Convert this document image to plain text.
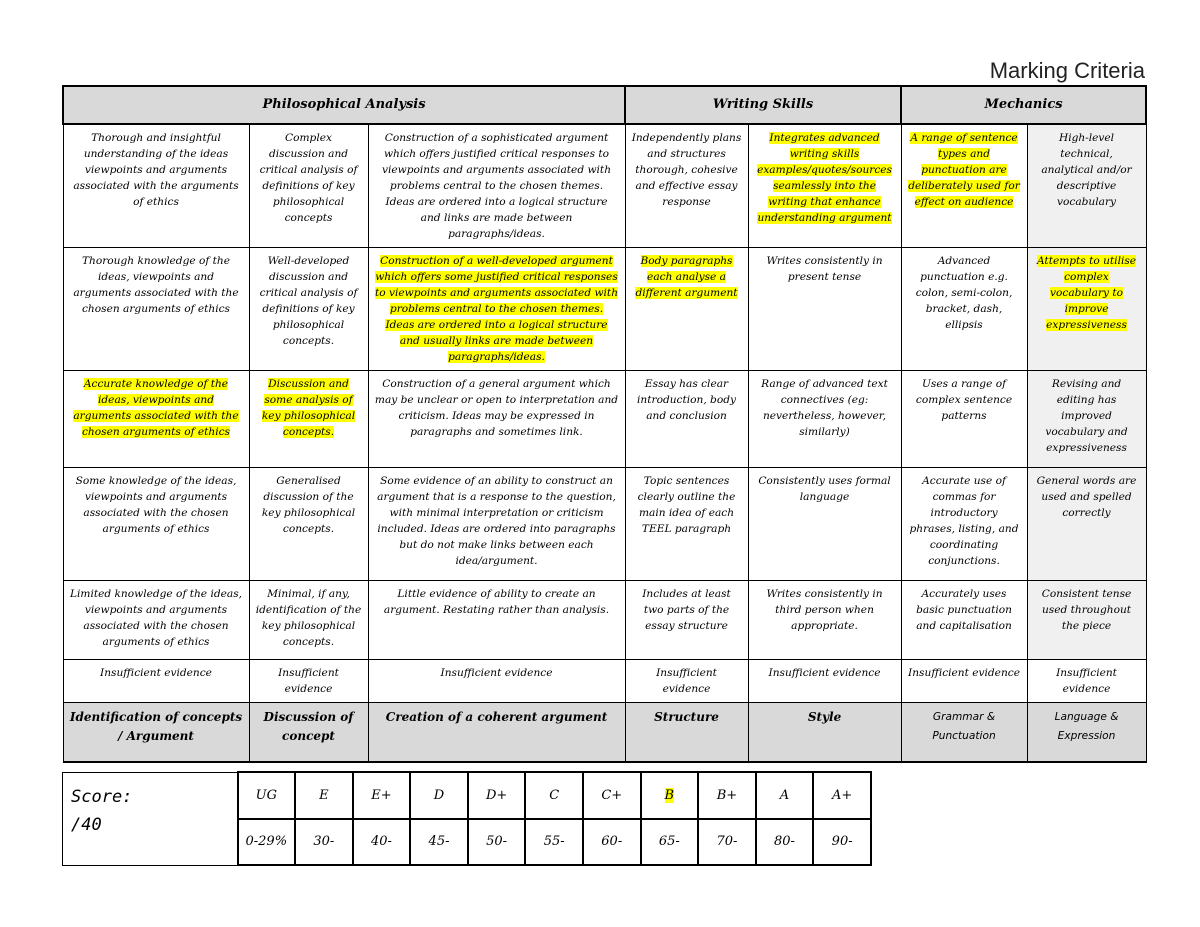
Marking Criteria
Philosophical Analysis			Writing Skills		Mechanics	
Thorough and insightful understanding of the ideas viewpoints and arguments associated with the arguments of ethics	Complex discussion and critical analysis of definitions of key philosophical concepts	Construction of a sophisticated argument which offers justified critical responses to viewpoints and arguments associated with problems central to the chosen themes. Ideas are ordered into a logical structure and links are made between paragraphs/ideas.	Independently plans and structures thorough, cohesive and effective essay response	Integrates advanced writing skills examples/quotes/sources seamlessly into the writing that enhance understanding argument	A range of sentence types and punctuation are deliberately used for effect on audience	High-level technical, analytical and/or descriptive vocabulary
Thorough knowledge of the ideas, viewpoints and arguments associated with the chosen arguments of ethics	Well-developed discussion and critical analysis of definitions of key philosophical concepts.	Construction of a well-developed argument which offers some justified critical responses to viewpoints and arguments associated with problems central to the chosen themes. Ideas are ordered into a logical structure and usually links are made between paragraphs/ideas.	Body paragraphs each analyse a different argument	Writes consistently in present tense	Advanced punctuation e.g. colon, semi-colon, bracket, dash, ellipsis	Attempts to utilise complex vocabulary to improve expressiveness
Accurate knowledge of the ideas, viewpoints and arguments associated with the chosen arguments of ethics	Discussion and some analysis of key philosophical concepts.	Construction of a general argument which may be unclear or open to interpretation and criticism. Ideas may be expressed in paragraphs and sometimes link.	Essay has clear introduction, body and conclusion	Range of advanced text connectives (eg: nevertheless, however, similarly)	Uses a range of complex sentence patterns	Revising and editing has improved vocabulary and expressiveness
Some knowledge of the ideas, viewpoints and arguments associated with the chosen arguments of ethics	Generalised discussion of the key philosophical concepts.	Some evidence of an ability to construct an argument that is a response to the question, with minimal interpretation or criticism included. Ideas are ordered into paragraphs but do not make links between each idea/argument.	Topic sentences clearly outline the main idea of each TEEL paragraph	Consistently uses formal language	Accurate use of commas for introductory phrases, listing, and coordinating conjunctions.	General words are used and spelled correctly
Limited knowledge of the ideas, viewpoints and arguments associated with the chosen arguments of ethics	Minimal, if any, identification of the key philosophical concepts.	Little evidence of ability to create an argument. Restating rather than analysis.	Includes at least two parts of the essay structure	Writes consistently in third person when appropriate.	Accurately uses basic punctuation and capitalisation	Consistent tense used throughout the piece
Insufficient evidence	Insufficient evidence	Insufficient evidence	Insufficient evidence	Insufficient evidence	Insufficient evidence	Insufficient evidence
Identification of concepts / Argument	Discussion of concept	Creation of a coherent argument	Structure	Style	Grammar & Punctuation	Language & Expression
Score:
/40	UG	E	E+	D	D+	C	C+	B	B+	A	A+
	0-29%	30-	40-	45-	50-	55-	60-	65-	70-	80-	90-
